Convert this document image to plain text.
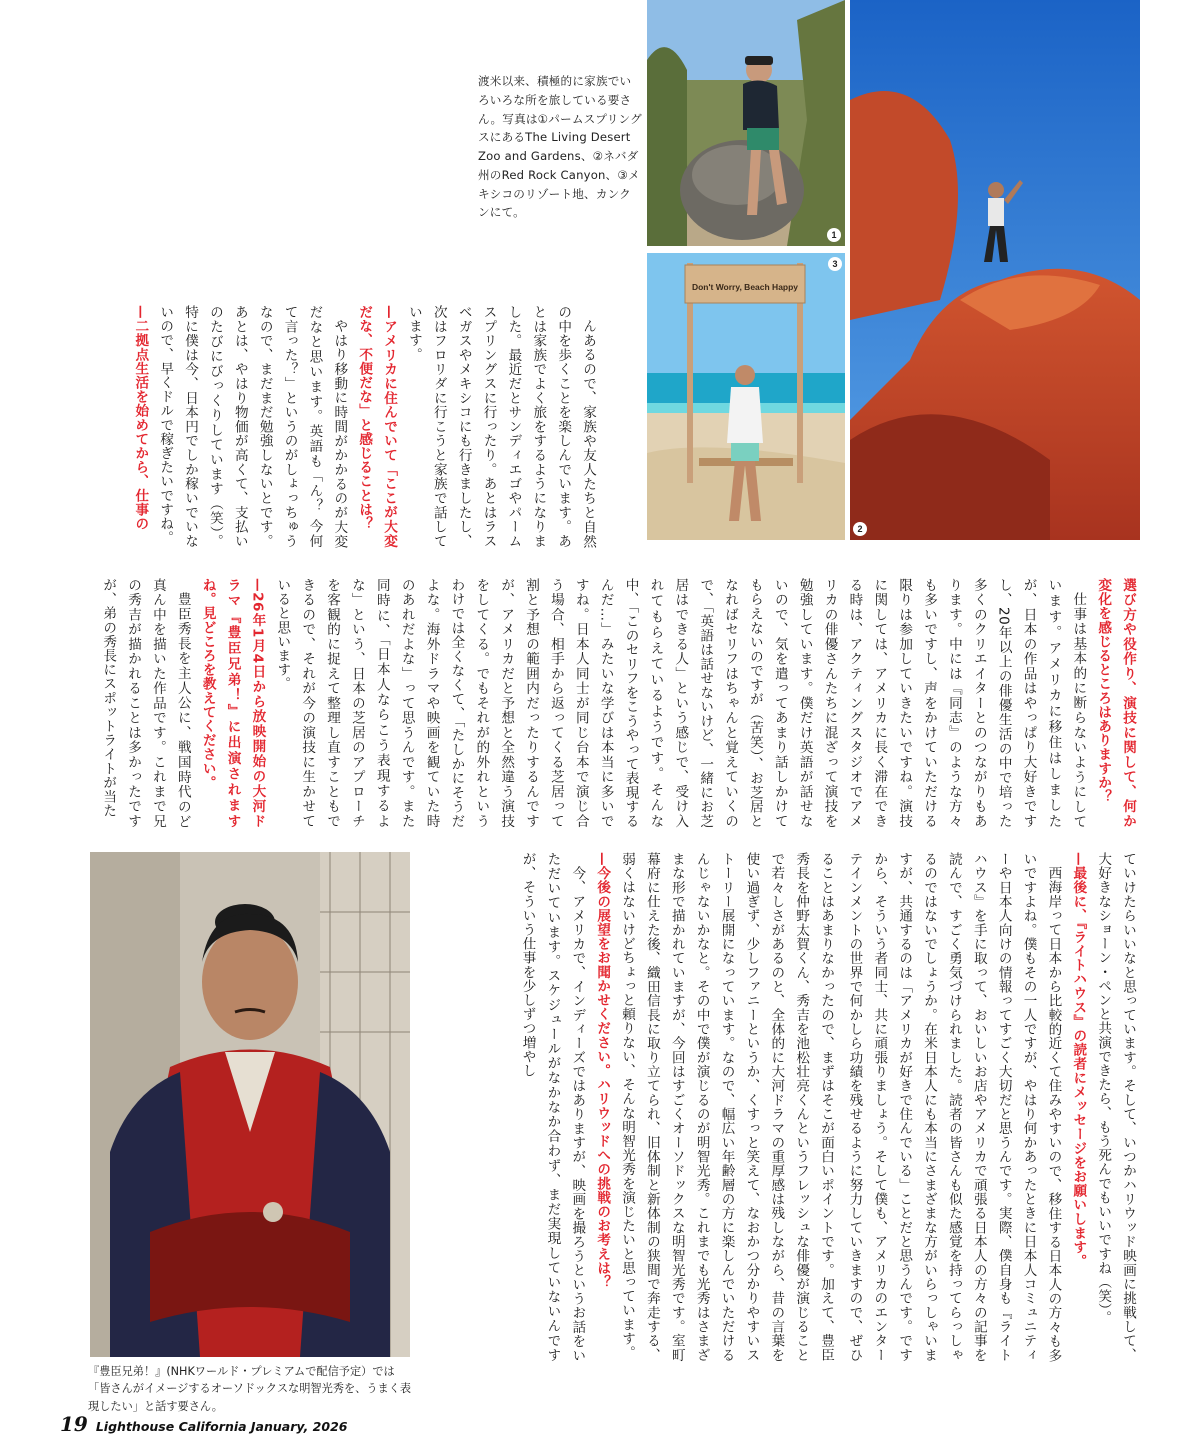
1
2
Don't Worry, Beach Happy
3
渡米以来、積極的に家族でいろいろな所を旅している要さん。写真は①パームスプリングスにあるThe Living Desert Zoo and Gardens、②ネバダ州のRed Rock Canyon、③メキシコのリゾート地、カンクンにて。
『豊臣兄弟！』(NHKワールド・プレミアムで配信予定）では「皆さんがイメージするオーソドックスな明智光秀を、うまく表現したい」と話す要さん。

んあるので、家族や友人たちと自然の中を歩くことを楽しんでいます。あとは家族でよく旅をするようになりました。最近だとサンディエゴやパームスプリングスに行ったり。あとはラスベガスやメキシコにも行きましたし、次はフロリダに行こうと家族で話しています。

—アメリカに住んでいて「ここが大変だな、不便だな」と感じることは？

やはり移動に時間がかかるのが大変だなと思います。英語も「ん？ 今何て言った？」というのがしょっちゅうなので、まだまだ勉強しないとです。あとは、やはり物価が高くて、支払いのたびにびっくりしています（笑）。特に僕は今、日本円でしか稼いでいないので、早くドルで稼ぎたいですね。

—二拠点生活を始めてから、仕事の

選び方や役作り、演技に関して、何か変化を感じるところはありますか？

仕事は基本的に断らないようにしています。アメリカに移住はしましたが、日本の作品はやっぱり大好きですし、20年以上の俳優生活の中で培った多くのクリエイターとのつながりもあります。中には『同志』のような方々も多いですし、声をかけていただける限りは参加していきたいですね。演技に関しては、アメリカに長く滞在できる時は、アクティングスタジオでアメリカの俳優さんたちに混ざって演技を勉強しています。僕だけ英語が話せないので、気を遣ってあまり話しかけてもらえないのですが（苦笑）、お芝居となればセリフはちゃんと覚えていくので、「英語は話せないけど、一緒にお芝居はできる人」という感じで、受け入れてもらえているようです。そんな中、「このセリフをこうやって表現するんだ…」みたいな学びは本当に多いですね。日本人同士が同じ台本で演じ合う場合、相手から返ってくる芝居って割と予想の範囲内だったりするんですが、アメリカだと予想と全然違う演技をしてくる。でもそれが的外れというわけでは全くなくて、「たしかにそうだよな。海外ドラマや映画を観ていた時のあれだよな」って思うんです。また同時に、「日本人ならこう表現するよな」という、日本の芝居のアプローチを客観的に捉えて整理し直すこともできるので、それが今の演技に生かせていると思います。

—26年1月4日から放映開始の大河ドラマ『豊臣兄弟！』に出演されますね。見どころを教えてください。

豊臣秀長を主人公に、戦国時代のど真ん中を描いた作品です。これまで兄の秀吉が描かれることは多かったですが、弟の秀長にスポットライトが当た

ることはあまりなかったので、まずはそこが面白いポイントです。加えて、豊臣秀長を仲野太賀くん、秀吉を池松壮亮くんというフレッシュな俳優が演じることで若々しさがあるのと、全体的に大河ドラマの重厚感は残しながら、昔の言葉を使い過ぎず、少しファニーというか、くすっと笑えて、なおかつ分かりやすいストーリー展開になっています。なので、幅広い年齢層の方に楽しんでいただけるんじゃないかなと。その中で僕が演じるのが明智光秀。これまでも光秀はさまざまな形で描かれていますが、今回はすごくオーソドックスな明智光秀です。室町幕府に仕えた後、織田信長に取り立てられ、旧体制と新体制の狭間で奔走する、弱くはないけどちょっと頼りない、そんな明智光秀を演じたいと思っています。

—今後の展望をお聞かせください。ハリウッドへの挑戦のお考えは？

今、アメリカで、インディーズではありますが、映画を撮ろうというお話をいただいています。スケジュールがなかなか合わず、まだ実現していないんですが、そういう仕事を少しずつ増やし	ていけたらいいなと思っています。そして、いつかハリウッド映画に挑戦して、大好きなショーン・ペンと共演できたら、もう死んでもいいですね（笑）。

—最後に、『ライトハウス』の読者にメッセージをお願いします。

西海岸って日本から比較的近くて住みやすいので、移住する日本人の方々も多いですよね。僕もその一人ですが、やはり何かあったときに日本人コミュニティーや日本人向けの情報ってすごく大切だと思うんです。実際、僕自身も『ライトハウス』を手に取って、おいしいお店やアメリカで頑張る日本人の方々の記事を読んで、すごく勇気づけられました。読者の皆さんも似た感覚を持ってらっしゃるのではないでしょうか。在米日本人にも本当にさまざまな方がいらっしゃいますが、共通するのは「アメリカが好きで住んでいる」ことだと思うんです。ですから、そういう者同士、共に頑張りましょう。そして僕も、アメリカのエンターテインメントの世界で何かしら功績を残せるように努力していきますので、ぜひ

19 Lighthouse California January, 2026
